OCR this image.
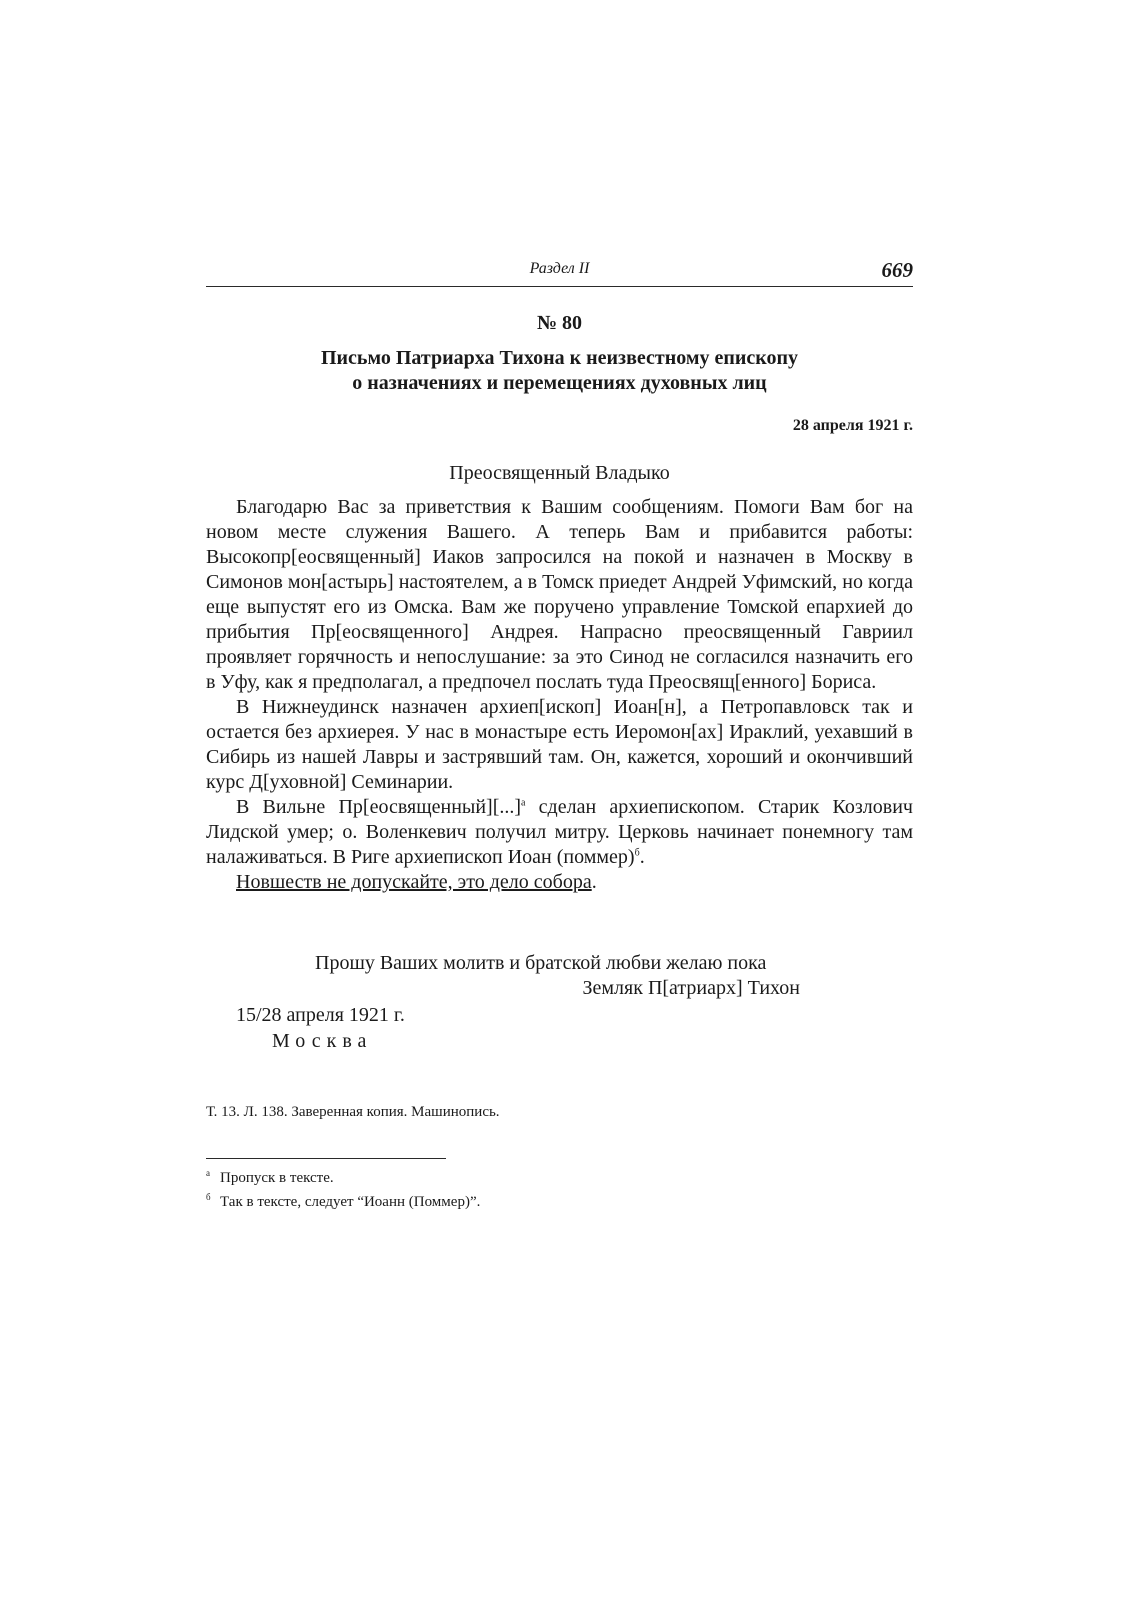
Раздел II	669
№ 80
Письмо Патриарха Тихона к неизвестному епископу
о назначениях и перемещениях духовных лиц
28 апреля 1921 г.
Преосвященный Владыко

Благодарю Вас за приветствия к Вашим сообщениям. Помоги Вам бог на новом месте служения Вашего. А теперь Вам и прибавится работы: Высокопр[еосвященный] Иаков запросился на покой и назначен в Москву в Симонов мон[астырь] настоятелем, а в Томск приедет Андрей Уфимский, но когда еще выпустят его из Омска. Вам же поручено управление Томской епархией до прибытия Пр[еосвященного] Андрея. Напрасно преосвященный Гавриил проявляет горячность и непослушание: за это Синод не согласился назначить его в Уфу, как я предполагал, а предпочел послать туда Преосвящ[енного] Бориса.

В Нижнеудинск назначен архиеп[ископ] Иоан[н], а Петропавловск так и остается без архиерея. У нас в монастыре есть Иеромон[ах] Ираклий, уехавший в Сибирь из нашей Лавры и застрявший там. Он, кажется, хороший и окончивший курс Д[уховной] Семинарии.

В Вильне Пр[еосвященный][...]$^а$ сделан архиепископом. Старик Козлович Лидской умер; о. Воленкевич получил митру. Церковь начинает понемногу там налаживаться. В Риге архиепископ Иоан (поммер)$^б$.

Новшеств не допускайте, это дело собора.

Прошу Ваших молитв и братской любви желаю пока
Земляк П[атриарх] Тихон
15/28 апреля 1921 г.
Москва
Т. 13. Л. 138. Заверенная копия. Машинопись.
а Пропуск в тексте.
б Так в тексте, следует “Иоанн (Поммер)”.
